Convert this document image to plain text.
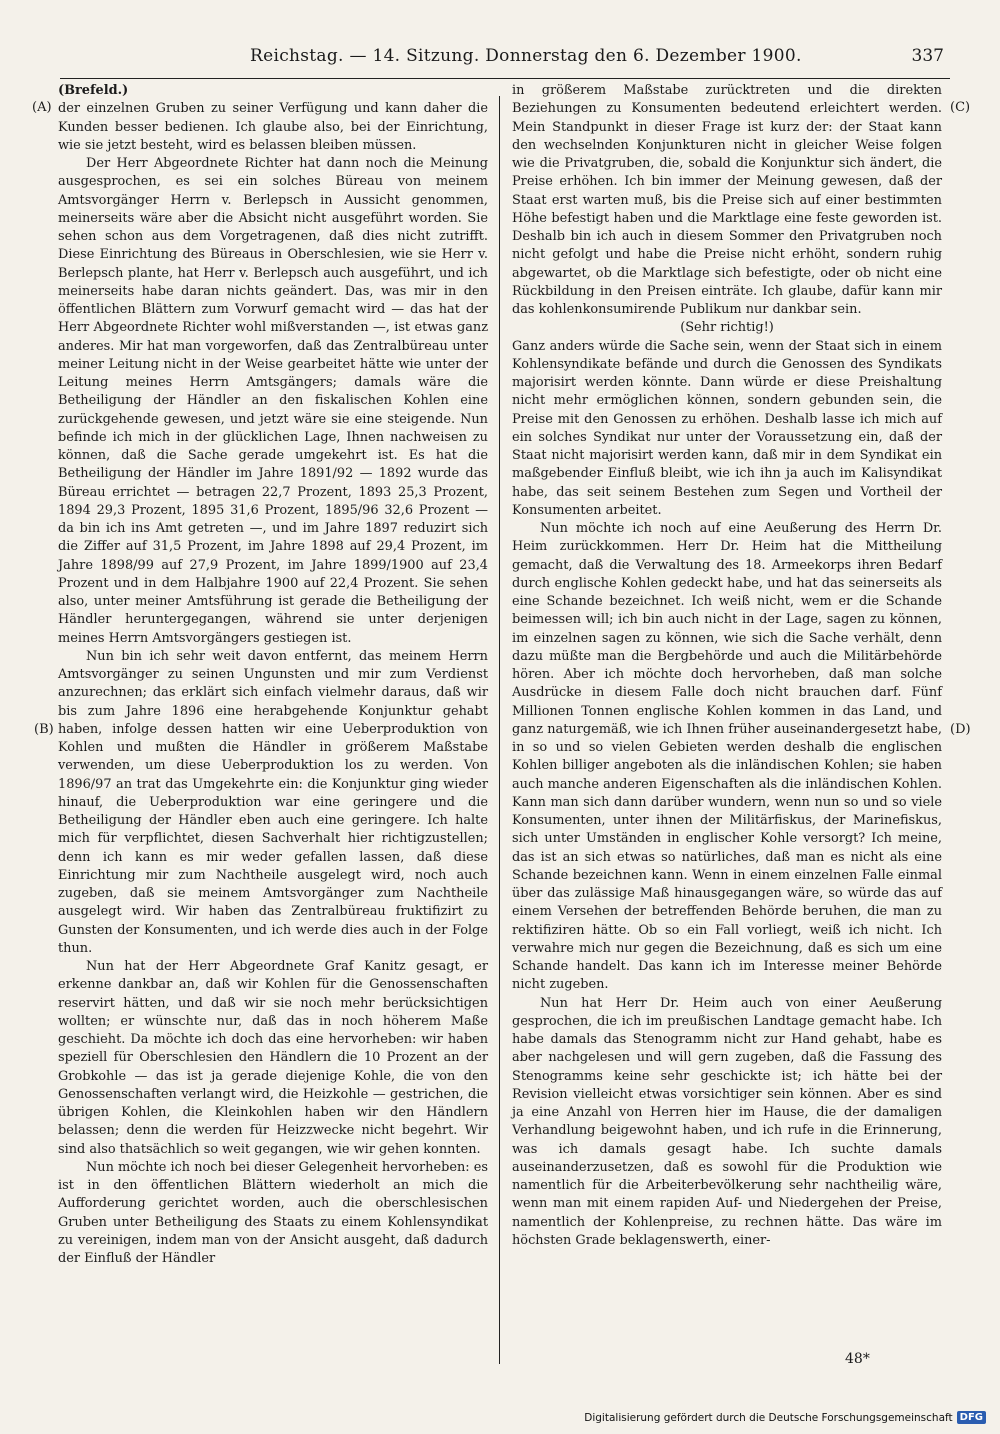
Reichstag. — 14. Sitzung. Donnerstag den 6. Dezember 1900.	337
(A)
(B)
(C)
(D)

(Brefeld.)

der einzelnen Gruben zu seiner Verfügung und kann daher die Kunden besser bedienen. Ich glaube also, bei der Einrichtung, wie sie jetzt besteht, wird es belassen bleiben müssen.

Der Herr Abgeordnete Richter hat dann noch die Meinung ausgesprochen, es sei ein solches Büreau von meinem Amtsvorgänger Herrn v. Berlepsch in Aussicht genommen, meinerseits wäre aber die Absicht nicht ausgeführt worden. Sie sehen schon aus dem Vorgetragenen, daß dies nicht zutrifft. Diese Einrichtung des Büreaus in Oberschlesien, wie sie Herr v. Berlepsch plante, hat Herr v. Berlepsch auch ausgeführt, und ich meinerseits habe daran nichts geändert. Das, was mir in den öffentlichen Blättern zum Vorwurf gemacht wird — das hat der Herr Abgeordnete Richter wohl mißverstanden —, ist etwas ganz anderes. Mir hat man vorgeworfen, daß das Zentralbüreau unter meiner Leitung nicht in der Weise gearbeitet hätte wie unter der Leitung meines Herrn Amtsgängers; damals wäre die Betheiligung der Händler an den fiskalischen Kohlen eine zurückgehende gewesen, und jetzt wäre sie eine steigende. Nun befinde ich mich in der glücklichen Lage, Ihnen nachweisen zu können, daß die Sache gerade umgekehrt ist. Es hat die Betheiligung der Händler im Jahre 1891/92 — 1892 wurde das Büreau errichtet — betragen 22,7 Prozent, 1893 25,3 Prozent, 1894 29,3 Prozent, 1895 31,6 Prozent, 1895/96 32,6 Prozent — da bin ich ins Amt getreten —, und im Jahre 1897 reduzirt sich die Ziffer auf 31,5 Prozent, im Jahre 1898 auf 29,4 Prozent, im Jahre 1898/99 auf 27,9 Prozent, im Jahre 1899/1900 auf 23,4 Prozent und in dem Halbjahre 1900 auf 22,4 Prozent. Sie sehen also, unter meiner Amtsführung ist gerade die Betheiligung der Händler heruntergegangen, während sie unter derjenigen meines Herrn Amtsvorgängers gestiegen ist.

Nun bin ich sehr weit davon entfernt, das meinem Herrn Amtsvorgänger zu seinen Ungunsten und mir zum Verdienst anzurechnen; das erklärt sich einfach vielmehr daraus, daß wir bis zum Jahre 1896 eine herabgehende Konjunktur gehabt haben, infolge dessen hatten wir eine Ueberproduktion von Kohlen und mußten die Händler in größerem Maßstabe verwenden, um diese Ueberproduktion los zu werden. Von 1896/97 an trat das Umgekehrte ein: die Konjunktur ging wieder hinauf, die Ueberproduktion war eine geringere und die Betheiligung der Händler eben auch eine geringere. Ich halte mich für verpflichtet, diesen Sachverhalt hier richtigzustellen; denn ich kann es mir weder gefallen lassen, daß diese Einrichtung mir zum Nachtheile ausgelegt wird, noch auch zugeben, daß sie meinem Amtsvorgänger zum Nachtheile ausgelegt wird. Wir haben das Zentralbüreau fruktifizirt zu Gunsten der Konsumenten, und ich werde dies auch in der Folge thun.

Nun hat der Herr Abgeordnete Graf Kanitz gesagt, er erkenne dankbar an, daß wir Kohlen für die Genossenschaften reservirt hätten, und daß wir sie noch mehr berücksichtigen wollten; er wünschte nur, daß das in noch höherem Maße geschieht. Da möchte ich doch das eine hervorheben: wir haben speziell für Oberschlesien den Händlern die 10 Prozent an der Grobkohle — das ist ja gerade diejenige Kohle, die von den Genossenschaften verlangt wird, die Heizkohle — gestrichen, die übrigen Kohlen, die Kleinkohlen haben wir den Händlern belassen; denn die werden für Heizzwecke nicht begehrt. Wir sind also thatsächlich so weit gegangen, wie wir gehen konnten.

Nun möchte ich noch bei dieser Gelegenheit hervorheben: es ist in den öffentlichen Blättern wiederholt an mich die Aufforderung gerichtet worden, auch die oberschlesischen Gruben unter Betheiligung des Staats zu einem Kohlensyndikat zu vereinigen, indem man von der Ansicht ausgeht, daß dadurch der Einfluß der Händler

in größerem Maßstabe zurücktreten und die direkten Beziehungen zu Konsumenten bedeutend erleichtert werden. Mein Standpunkt in dieser Frage ist kurz der: der Staat kann den wechselnden Konjunkturen nicht in gleicher Weise folgen wie die Privatgruben, die, sobald die Konjunktur sich ändert, die Preise erhöhen. Ich bin immer der Meinung gewesen, daß der Staat erst warten muß, bis die Preise sich auf einer bestimmten Höhe befestigt haben und die Marktlage eine feste geworden ist. Deshalb bin ich auch in diesem Sommer den Privatgruben noch nicht gefolgt und habe die Preise nicht erhöht, sondern ruhig abgewartet, ob die Marktlage sich befestigte, oder ob nicht eine Rückbildung in den Preisen einträte. Ich glaube, dafür kann mir das kohlenkonsumirende Publikum nur dankbar sein.

(Sehr richtig!)

Ganz anders würde die Sache sein, wenn der Staat sich in einem Kohlensyndikate befände und durch die Genossen des Syndikats majorisirt werden könnte. Dann würde er diese Preishaltung nicht mehr ermöglichen können, sondern gebunden sein, die Preise mit den Genossen zu erhöhen. Deshalb lasse ich mich auf ein solches Syndikat nur unter der Voraussetzung ein, daß der Staat nicht majorisirt werden kann, daß mir in dem Syndikat ein maßgebender Einfluß bleibt, wie ich ihn ja auch im Kalisyndikat habe, das seit seinem Bestehen zum Segen und Vortheil der Konsumenten arbeitet.

Nun möchte ich noch auf eine Aeußerung des Herrn Dr. Heim zurückkommen. Herr Dr. Heim hat die Mittheilung gemacht, daß die Verwaltung des 18. Armeekorps ihren Bedarf durch englische Kohlen gedeckt habe, und hat das seinerseits als eine Schande bezeichnet. Ich weiß nicht, wem er die Schande beimessen will; ich bin auch nicht in der Lage, sagen zu können, im einzelnen sagen zu können, wie sich die Sache verhält, denn dazu müßte man die Bergbehörde und auch die Militärbehörde hören. Aber ich möchte doch hervorheben, daß man solche Ausdrücke in diesem Falle doch nicht brauchen darf. Fünf Millionen Tonnen englische Kohlen kommen in das Land, und ganz naturgemäß, wie ich Ihnen früher auseinandergesetzt habe, in so und so vielen Gebieten werden deshalb die englischen Kohlen billiger angeboten als die inländischen Kohlen; sie haben auch manche anderen Eigenschaften als die inländischen Kohlen. Kann man sich dann darüber wundern, wenn nun so und so viele Konsumenten, unter ihnen der Militärfiskus, der Marinefiskus, sich unter Umständen in englischer Kohle versorgt? Ich meine, das ist an sich etwas so natürliches, daß man es nicht als eine Schande bezeichnen kann. Wenn in einem einzelnen Falle einmal über das zulässige Maß hinausgegangen wäre, so würde das auf einem Versehen der betreffenden Behörde beruhen, die man zu rektifiziren hätte. Ob so ein Fall vorliegt, weiß ich nicht. Ich verwahre mich nur gegen die Bezeichnung, daß es sich um eine Schande handelt. Das kann ich im Interesse meiner Behörde nicht zugeben.

Nun hat Herr Dr. Heim auch von einer Aeußerung gesprochen, die ich im preußischen Landtage gemacht habe. Ich habe damals das Stenogramm nicht zur Hand gehabt, habe es aber nachgelesen und will gern zugeben, daß die Fassung des Stenogramms keine sehr geschickte ist; ich hätte bei der Revision vielleicht etwas vorsichtiger sein können. Aber es sind ja eine Anzahl von Herren hier im Hause, die der damaligen Verhandlung beigewohnt haben, und ich rufe in die Erinnerung, was ich damals gesagt habe. Ich suchte damals auseinanderzusetzen, daß es sowohl für die Produktion wie namentlich für die Arbeiterbevölkerung sehr nachtheilig wäre, wenn man mit einem rapiden Auf- und Niedergehen der Preise, namentlich der Kohlenpreise, zu rechnen hätte. Das wäre im höchsten Grade beklagenswerth, einer-

48*
Digitalisierung gefördert durch die Deutsche Forschungsgemeinschaft DFG
